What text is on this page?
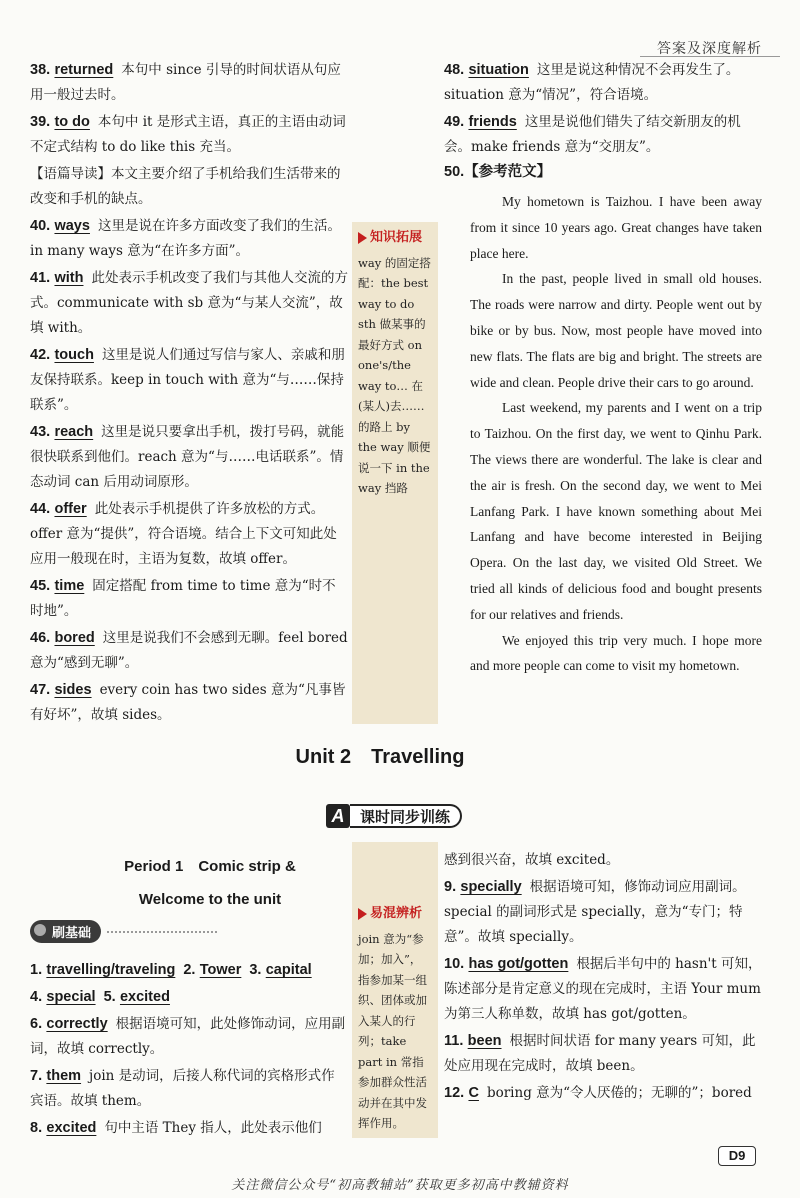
答案及深度解析
38. returned 本句中 since 引导的时间状语从句应用一般过去时。
39. to do 本句中 it 是形式主语，真正的主语由动词不定式结构 to do like this 充当。
【语篇导读】本文主要介绍了手机给我们生活带来的改变和手机的缺点。
40. ways 这里是说在许多方面改变了我们的生活。in many ways 意为“在许多方面”。
41. with 此处表示手机改变了我们与其他人交流的方式。communicate with sb 意为“与某人交流”，故填 with。
42. touch 这里是说人们通过写信与家人、亲戚和朋友保持联系。keep in touch with 意为“与……保持联系”。
43. reach 这里是说只要拿出手机，拨打号码，就能很快联系到他们。reach 意为“与……电话联系”。情态动词 can 后用动词原形。
44. offer 此处表示手机提供了许多放松的方式。offer 意为“提供”，符合语境。结合上下文可知此处应用一般现在时，主语为复数，故填 offer。
45. time 固定搭配 from time to time 意为“时不时地”。
46. bored 这里是说我们不会感到无聊。feel bored 意为“感到无聊”。
47. sides every coin has two sides 意为“凡事皆有好坏”，故填 sides。
知识拓展
way 的固定搭配：the best way to do sth 做某事的最好方式 on one's/the way to… 在(某人)去……的路上 by the way 顺便说一下 in the way 挡路
48. situation 这里是说这种情况不会再发生了。situation 意为“情况”，符合语境。
49. friends 这里是说他们错失了结交新朋友的机会。make friends 意为“交朋友”。
50.【参考范文】
My hometown is Taizhou. I have been away from it since 10 years ago. Great changes have taken place here.
In the past, people lived in small old houses. The roads were narrow and dirty. People went out by bike or by bus. Now, most people have moved into new flats. The flats are big and bright. The streets are wide and clean. People drive their cars to go around.
Last weekend, my parents and I went on a trip to Taizhou. On the first day, we went to Qinhu Park. The views there are wonderful. The lake is clear and the air is fresh. On the second day, we went to Mei Lanfang Park. I have known something about Mei Lanfang and have become interested in Beijing Opera. On the last day, we visited Old Street. We tried all kinds of delicious food and bought presents for our relatives and friends.
We enjoyed this trip very much. I hope more and more people can come to visit my hometown.
Unit 2 Travelling
A	课时同步训练
Period 1　Comic strip &
Welcome to the unit
刷基础
1. travelling/traveling 2. Tower 3. capital
4. special 5. excited
6. correctly 根据语境可知，此处修饰动词，应用副词，故填 correctly。
7. them join 是动词，后接人称代词的宾格形式作宾语。故填 them。
8. excited 句中主语 They 指人，此处表示他们
易混辨析
join 意为“参加；加入”，指参加某一组织、团体或加入某人的行列；take part in 常指参加群众性活动并在其中发挥作用。
感到很兴奋，故填 excited。
9. specially 根据语境可知，修饰动词应用副词。special 的副词形式是 specially，意为“专门；特意”。故填 specially。
10. has got/gotten 根据后半句中的 hasn't 可知，陈述部分是肯定意义的现在完成时，主语 Your mum 为第三人称单数，故填 has got/gotten。
11. been 根据时间状语 for many years 可知，此处应用现在完成时，故填 been。
12. C boring 意为“令人厌倦的；无聊的”；bored
D9
关注微信公众号“初高教辅站”获取更多初高中教辅资料
